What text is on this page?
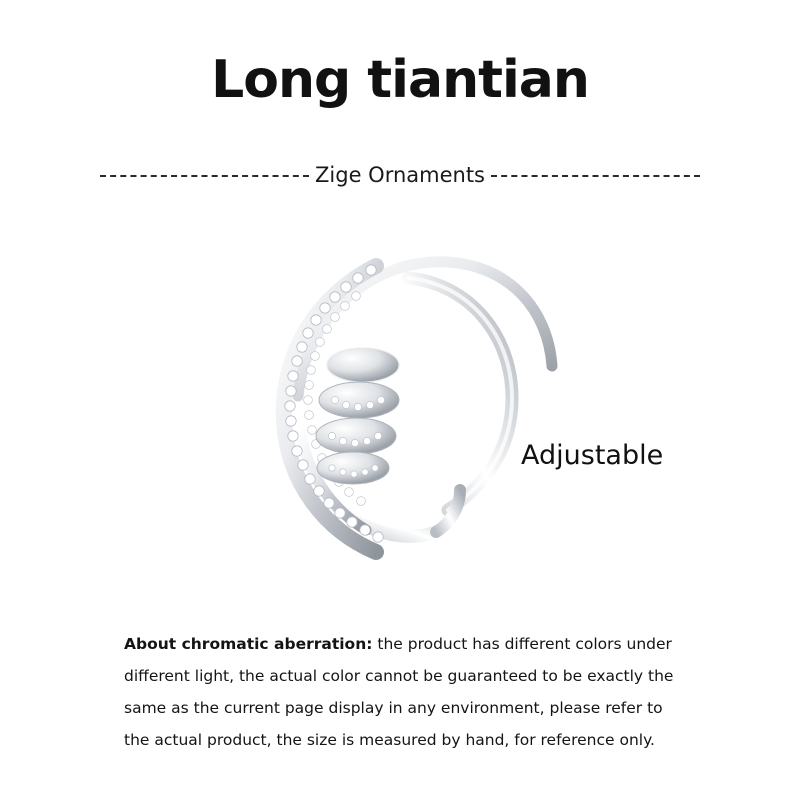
Long tiantian
Zige Ornaments
Adjustable

About chromatic aberration: the product has different colors under different light, the actual color cannot be guaranteed to be exactly the same as the current page display in any environment, please refer to the actual product, the size is measured by hand, for reference only.
